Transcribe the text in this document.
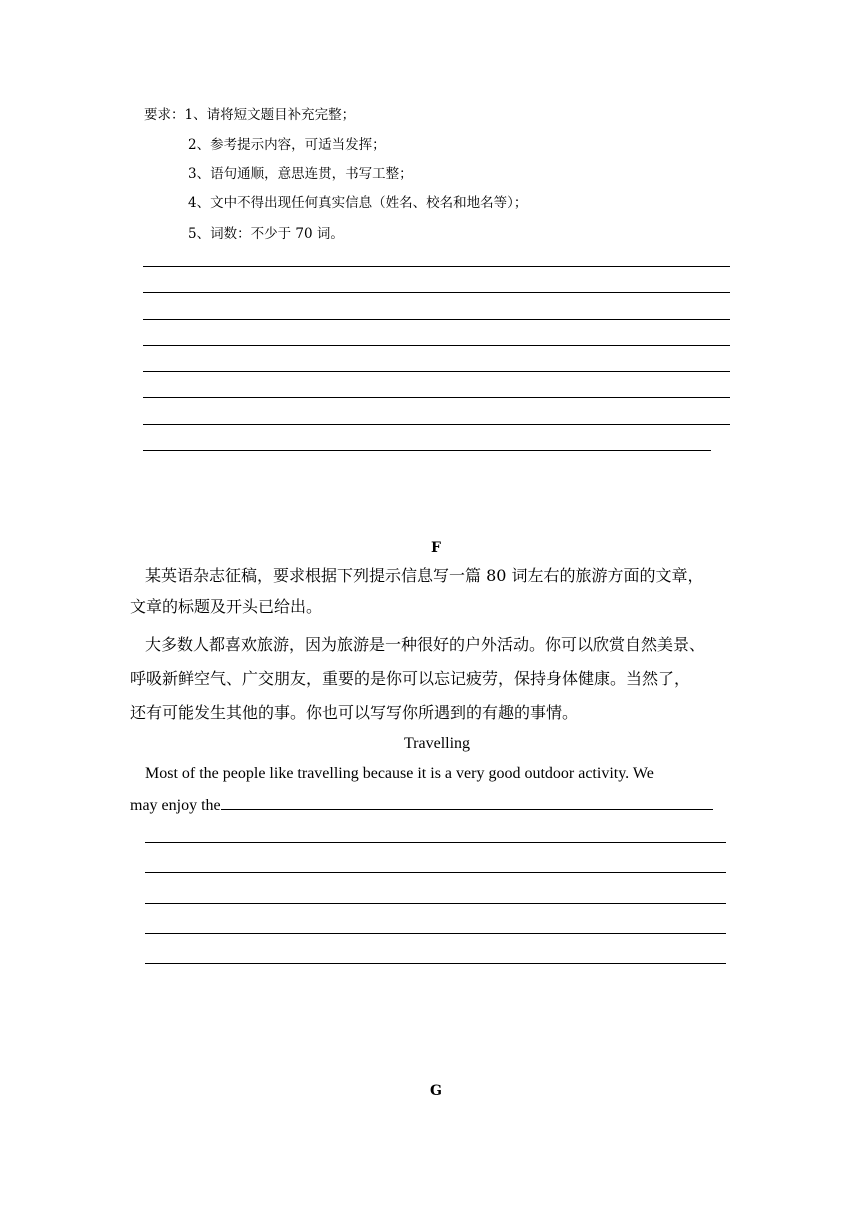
要求：1、请将短文题目补充完整；
2、参考提示内容，可适当发挥；
3、语句通顺，意思连贯，书写工整；
4、文中不得出现任何真实信息（姓名、校名和地名等）；
5、词数：不少于 70 词。
F
某英语杂志征稿，要求根据下列提示信息写一篇 80 词左右的旅游方面的文章，
文章的标题及开头已给出。
大多数人都喜欢旅游，因为旅游是一种很好的户外活动。你可以欣赏自然美景、
呼吸新鲜空气、广交朋友，重要的是你可以忘记疲劳，保持身体健康。当然了，
还有可能发生其他的事。你也可以写写你所遇到的有趣的事情。
Travelling
Most of the people like travelling because it is a very good outdoor activity. We
may enjoy the
G
